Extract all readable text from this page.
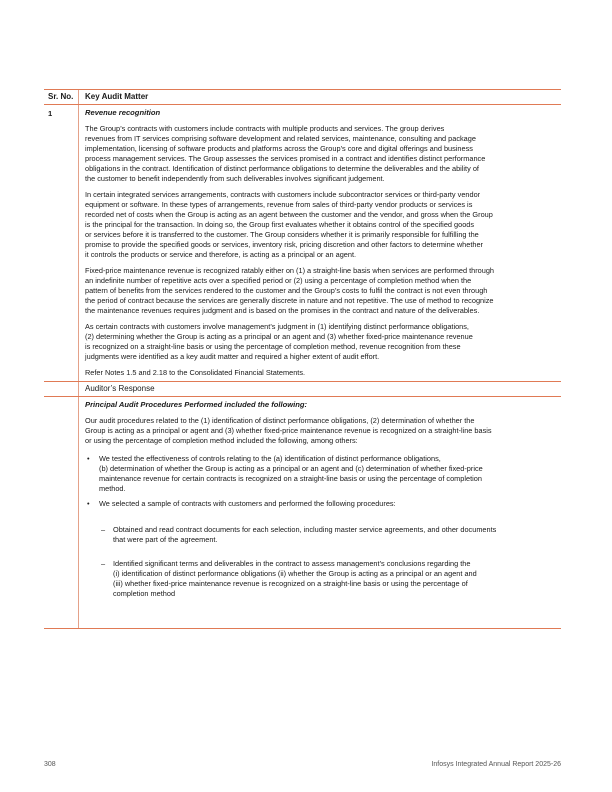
Sr. No.	Key Audit Matter
1	Revenue recognition

The Group’s contracts with customers include contracts with multiple products and services. The group derives
revenues from IT services comprising software development and related services, maintenance, consulting and package
implementation, licensing of software products and platforms across the Group’s core and digital offerings and business
process management services. The Group assesses the services promised in a contract and identifies distinct performance
obligations in the contract. Identification of distinct performance obligations to determine the deliverables and the ability of
the customer to benefit independently from such deliverables involves significant judgement.

In certain integrated services arrangements, contracts with customers include subcontractor services or third-party vendor
equipment or software. In these types of arrangements, revenue from sales of third-party vendor products or services is
recorded net of costs when the Group is acting as an agent between the customer and the vendor, and gross when the Group
is the principal for the transaction. In doing so, the Group first evaluates whether it obtains control of the specified goods
or services before it is transferred to the customer. The Group considers whether it is primarily responsible for fulfilling the
promise to provide the specified goods or services, inventory risk, pricing discretion and other factors to determine whether
it controls the products or service and therefore, is acting as a principal or an agent.

Fixed-price maintenance revenue is recognized ratably either on (1) a straight-line basis when services are performed through
an indefinite number of repetitive acts over a specified period or (2) using a percentage of completion method when the
pattern of benefits from the services rendered to the customer and the Group’s costs to fulfil the contract is not even through
the period of contract because the services are generally discrete in nature and not repetitive. The use of method to recognize
the maintenance revenues requires judgment and is based on the promises in the contract and nature of the deliverables.

As certain contracts with customers involve management’s judgment in (1) identifying distinct performance obligations,
(2) determining whether the Group is acting as a principal or an agent and (3) whether fixed-price maintenance revenue
is recognized on a straight-line basis or using the percentage of completion method, revenue recognition from these
judgments were identified as a key audit matter and required a higher extent of audit effort.

Refer Notes 1.5 and 2.18 to the Consolidated Financial Statements.

Auditor’s Response
Principal Audit Procedures Performed included the following:

Our audit procedures related to the (1) identification of distinct performance obligations, (2) determination of whether the
Group is acting as a principal or agent and (3) whether fixed-price maintenance revenue is recognized on a straight-line basis
or using the percentage of completion method included the following, among others:

• We tested the effectiveness of controls relating to the (a) identification of distinct performance obligations,
(b) determination of whether the Group is acting as a principal or an agent and (c) determination of whether fixed-price
maintenance revenue for certain contracts is recognized on a straight-line basis or using the percentage of completion
method.
• We selected a sample of contracts with customers and performed the following procedures:

– Obtained and read contract documents for each selection, including master service agreements, and other documents
that were part of the agreement.

– Identified significant terms and deliverables in the contract to assess management’s conclusions regarding the
(i) identification of distinct performance obligations (ii) whether the Group is acting as a principal or an agent and
(iii) whether fixed-price maintenance revenue is recognized on a straight-line basis or using the percentage of
completion method

308	Infosys Integrated Annual Report 2025-26
